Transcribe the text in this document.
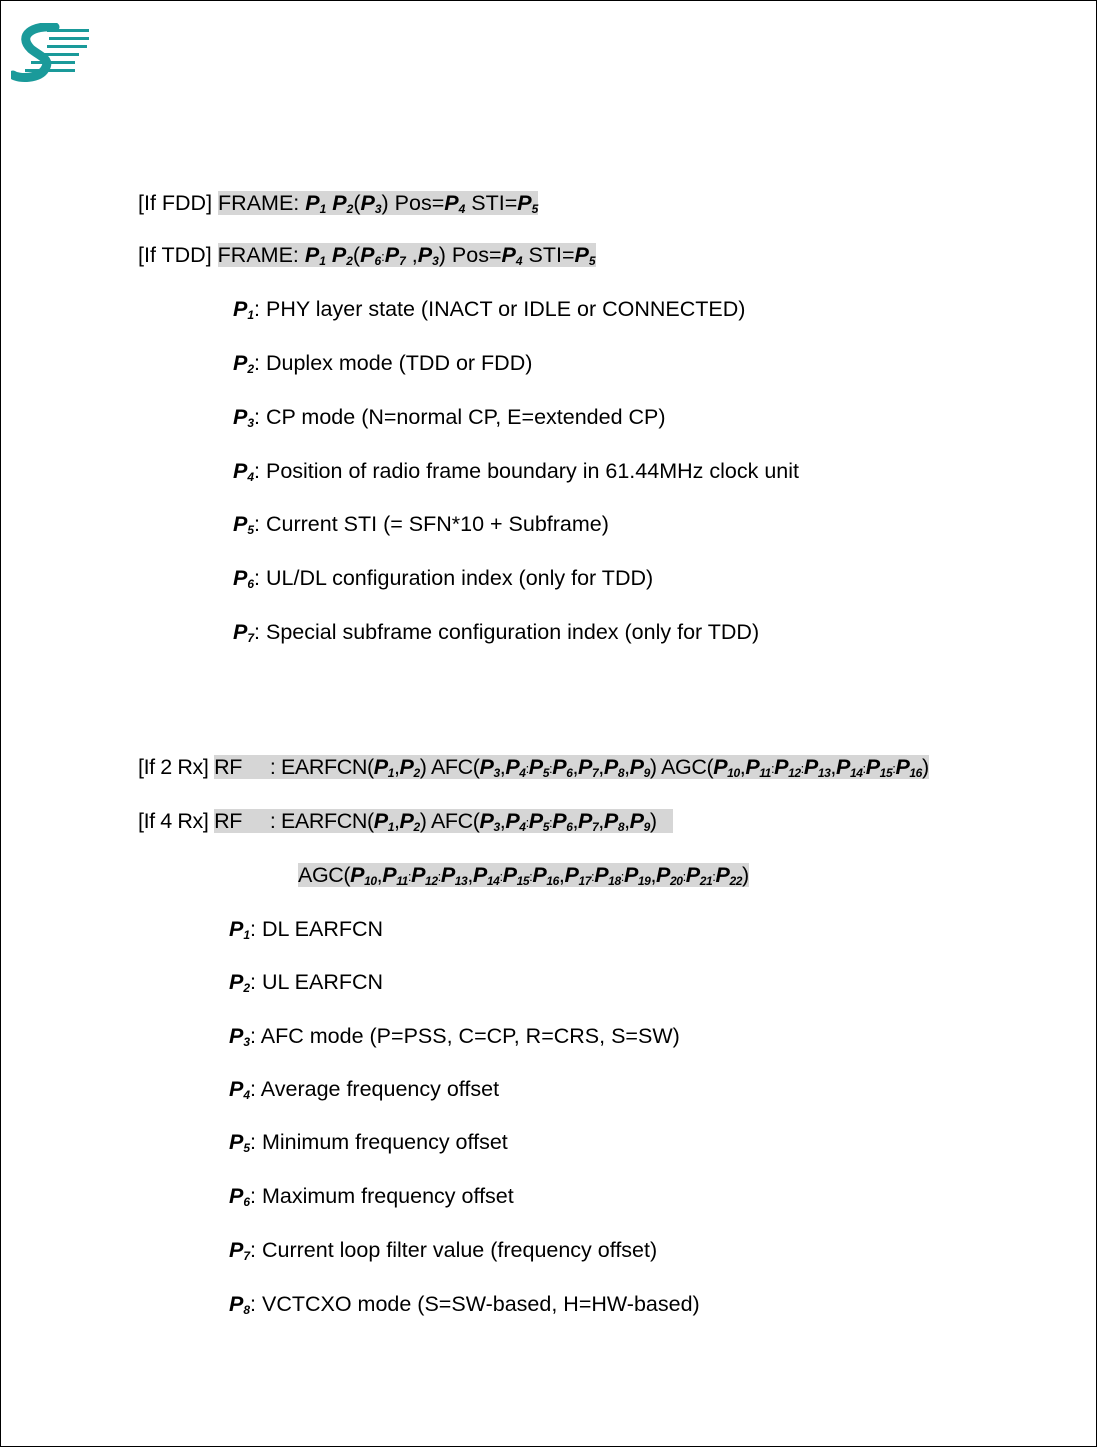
[If FDD] FRAME: $P_1$ $P_2(P_3)$ $Pos=P_4$ $STI=P_5$
[If TDD] FRAME: $P_1$ $P_2(P_6:P_7$ $,P_3$) $Pos=P_4$ $STI=P_5$
$P_1$: PHY layer state (INACT or IDLE or CONNECTED)
$P_2$: Duplex mode (TDD or FDD)
$P_3$: CP mode (N=normal CP, E=extended CP)
$P_4$: Position of radio frame boundary in 61.44MHz clock unit
$P_5$: Current STI (= SFN*10 + Subframe)
$P_6$: UL/DL configuration index (only for TDD)
$P_7$: Special subframe configuration index (only for TDD)
[If 2 Rx] RF : $EARFCN(P_1,P_2)$ $AFC(P_3,P_4:P_5:P_6,P_7,P_8,P_9)$ $AGC(P_{10},P_{11}:P_{12}:P_{13},P_{14}:P_{15}:P_{16})$
[If 4 Rx] RF : $EARFCN(P_1,P_2)$ $AFC(P_3,P_4:P_5:P_6,P_7,P_8,P_9)$
$AGC(P_{10},P_{11}:P_{12}:P_{13},P_{14}:P_{15}:P_{16},P_{17}:P_{18}:P_{19},P_{20}:P_{21}:P_{22})$
$P_1$: DL EARFCN
$P_2$: UL EARFCN
$P_3$: AFC mode (P=PSS, C=CP, R=CRS, S=SW)
$P_4$: Average frequency offset
$P_5$: Minimum frequency offset
$P_6$: Maximum frequency offset
$P_7$: Current loop filter value (frequency offset)
$P_8$: VCTCXO mode (S=SW-based, H=HW-based)
